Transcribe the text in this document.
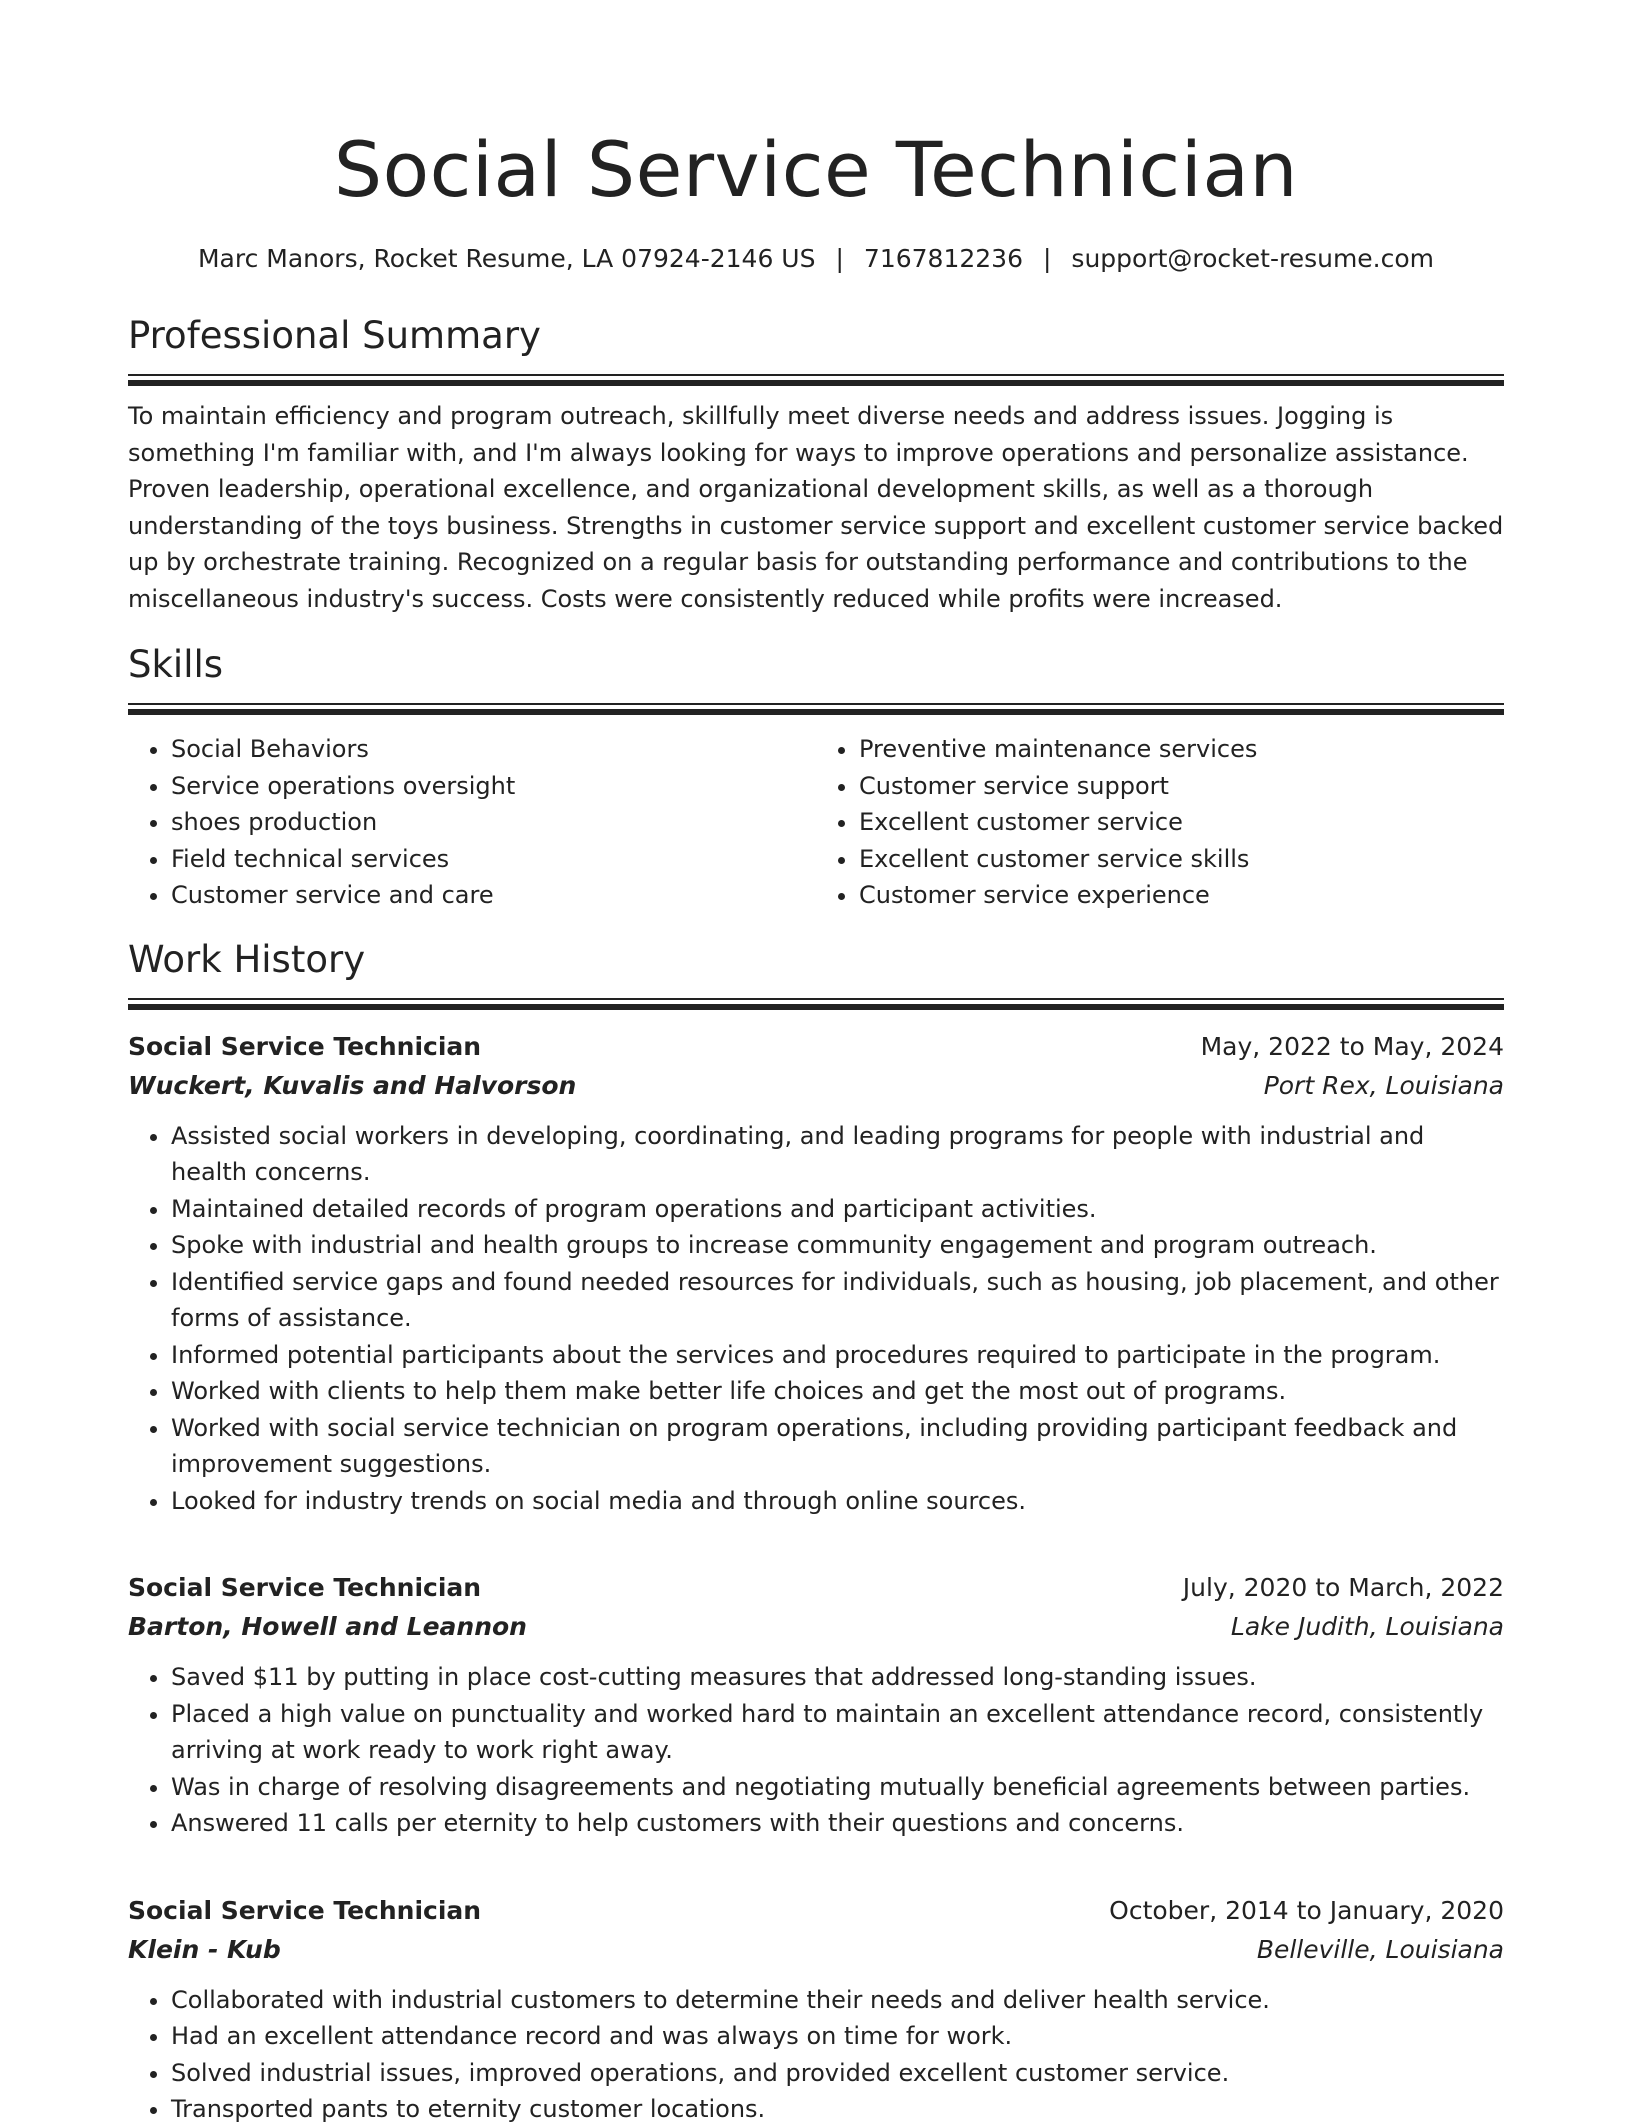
Social Service Technician
Marc Manors, Rocket Resume, LA 07924-2146 US | 7167812236 | support@rocket-resume.com
Professional Summary

To maintain efficiency and program outreach, skillfully meet diverse needs and address issues. Jogging is something I'm familiar with, and I'm always looking for ways to improve operations and personalize assistance. Proven leadership, operational excellence, and organizational development skills, as well as a thorough understanding of the toys business. Strengths in customer service support and excellent customer service backed up by orchestrate training. Recognized on a regular basis for outstanding performance and contributions to the miscellaneous industry's success. Costs were consistently reduced while profits were increased.

Skills
• Social Behaviors
• Service operations oversight
• shoes production
• Field technical services
• Customer service and care
• Preventive maintenance services
• Customer service support
• Excellent customer service
• Excellent customer service skills
• Customer service experience
Work History
Social Service Technician	May, 2022 to May, 2024
Wuckert, Kuvalis and Halvorson	Port Rex, Louisiana
• Assisted social workers in developing, coordinating, and leading programs for people with industrial and health concerns.
• Maintained detailed records of program operations and participant activities.
• Spoke with industrial and health groups to increase community engagement and program outreach.
• Identified service gaps and found needed resources for individuals, such as housing, job placement, and other forms of assistance.
• Informed potential participants about the services and procedures required to participate in the program.
• Worked with clients to help them make better life choices and get the most out of programs.
• Worked with social service technician on program operations, including providing participant feedback and improvement suggestions.
• Looked for industry trends on social media and through online sources.
Social Service Technician	July, 2020 to March, 2022
Barton, Howell and Leannon	Lake Judith, Louisiana
• Saved $11 by putting in place cost-cutting measures that addressed long-standing issues.
• Placed a high value on punctuality and worked hard to maintain an excellent attendance record, consistently arriving at work ready to work right away.
• Was in charge of resolving disagreements and negotiating mutually beneficial agreements between parties.
• Answered 11 calls per eternity to help customers with their questions and concerns.
Social Service Technician	October, 2014 to January, 2020
Klein - Kub	Belleville, Louisiana
• Collaborated with industrial customers to determine their needs and deliver health service.
• Had an excellent attendance record and was always on time for work.
• Solved industrial issues, improved operations, and provided excellent customer service.
• Transported pants to eternity customer locations.
